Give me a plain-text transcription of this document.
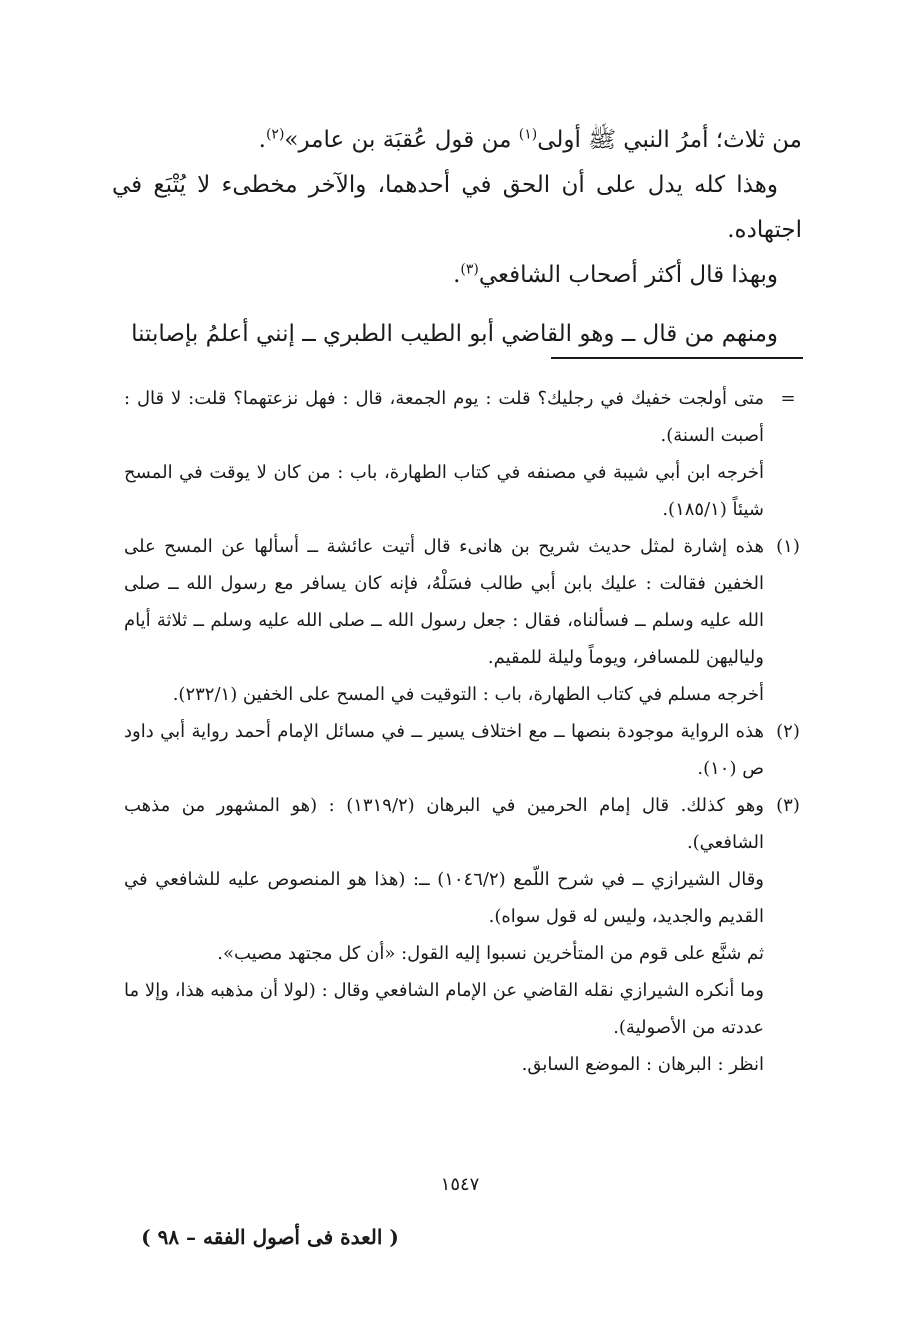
من ثلاث؛ أمرُ النبي ﷺ أولى$^{(١)}$ من قول عُقبَة بن عامر»$^{(٢)}$.

وهذا كله يدل على أن الحق في أحدهما، والآخر مخطىء لا يُتْبَع في اجتهاده.

وبهذا قال أكثر أصحاب الشافعي$^{(٣)}$.

ومنهم من قال ــ وهو القاضي أبو الطيب الطبري ــ إنني أعلمُ بإصابتنا

=

متى أولجت خفيك في رجليك؟ قلت : يوم الجمعة، قال : فهل نزعتهما؟ قلت: لا قال : أصبت السنة).

أخرجه ابن أبي شيبة في مصنفه في كتاب الطهارة، باب : من كان لا يوقت في المسح شيئاً (١٨٥/١).

(١)

هذه إشارة لمثل حديث شريح بن هانىء قال أتيت عائشة ــ أسألها عن المسح على الخفين فقالت : عليك بابن أبي طالب فسَلْهُ، فإنه كان يسافر مع رسول الله ــ صلى الله عليه وسلم ــ فسألناه، فقال : جعل رسول الله ــ صلى الله عليه وسلم ــ ثلاثة أيام ولياليهن للمسافر، ويوماً وليلة للمقيم.

أخرجه مسلم في كتاب الطهارة، باب : التوقيت في المسح على الخفين (٢٣٢/١).

(٢)

هذه الرواية موجودة بنصها ــ مع اختلاف يسير ــ في مسائل الإمام أحمد رواية أبي داود ص (١٠).

(٣)

وهو كذلك. قال إمام الحرمين في البرهان (١٣١٩/٢) : (هو المشهور من مذهب الشافعي).

وقال الشيرازي ــ في شرح اللّمع (١٠٤٦/٢) ــ: (هذا هو المنصوص عليه للشافعي في القديم والجديد، وليس له قول سواه).

ثم شنَّع على قوم من المتأخرين نسبوا إليه القول: «أن كل مجتهد مصيب».

وما أنكره الشيرازي نقله القاضي عن الإمام الشافعي وقال : (لولا أن مذهبه هذا، وإلا ما عددته من الأصولية).

انظر : البرهان : الموضع السابق.

١٥٤٧
( العدة فى أصول الفقه – ٩٨ )
